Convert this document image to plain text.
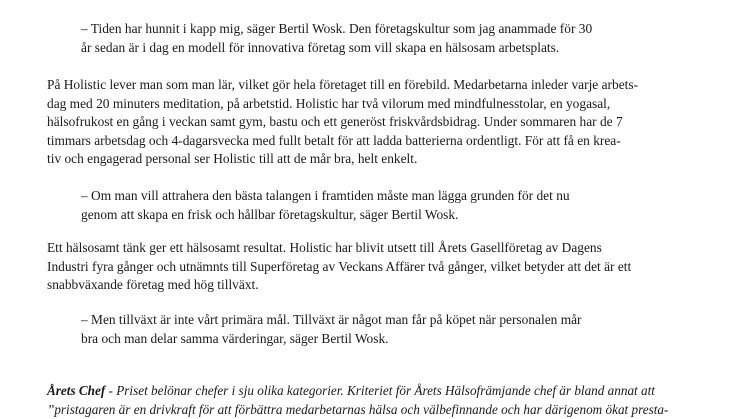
– Tiden har hunnit i kapp mig, säger Bertil Wosk. Den företagskultur som jag anammade för 30
år sedan är i dag en modell för innovativa företag som vill skapa en hälsosam arbetsplats.

På Holistic lever man som man lär, vilket gör hela företaget till en förebild. Medarbetarna inleder varje arbets-
dag med 20 minuters meditation, på arbetstid. Holistic har två vilorum med mindfulnesstolar, en yogasal,
hälsofrukost en gång i veckan samt gym, bastu och ett generöst friskvårdsbidrag. Under sommaren har de 7
timmars arbetsdag och 4-dagarsvecka med fullt betalt för att ladda batterierna ordentligt. För att få en krea-
tiv och engagerad personal ser Holistic till att de mår bra, helt enkelt.

– Om man vill attrahera den bästa talangen i framtiden måste man lägga grunden för det nu
genom att skapa en frisk och hållbar företagskultur, säger Bertil Wosk.

Ett hälsosamt tänk ger ett hälsosamt resultat. Holistic har blivit utsett till Årets Gasellföretag av Dagens
Industri fyra gånger och utnämnts till Superföretag av Veckans Affärer två gånger, vilket betyder att det är ett
snabbväxande företag med hög tillväxt.

– Men tillväxt är inte vårt primära mål. Tillväxt är något man får på köpet när personalen mår
bra och man delar samma värderingar, säger Bertil Wosk.

Årets Chef - Priset belönar chefer i sju olika kategorier. Kriteriet för Årets Hälsofrämjande chef är bland annat att
”pristagaren är en drivkraft för att förbättra medarbetarnas hälsa och välbefinnande och har därigenom ökat presta-
